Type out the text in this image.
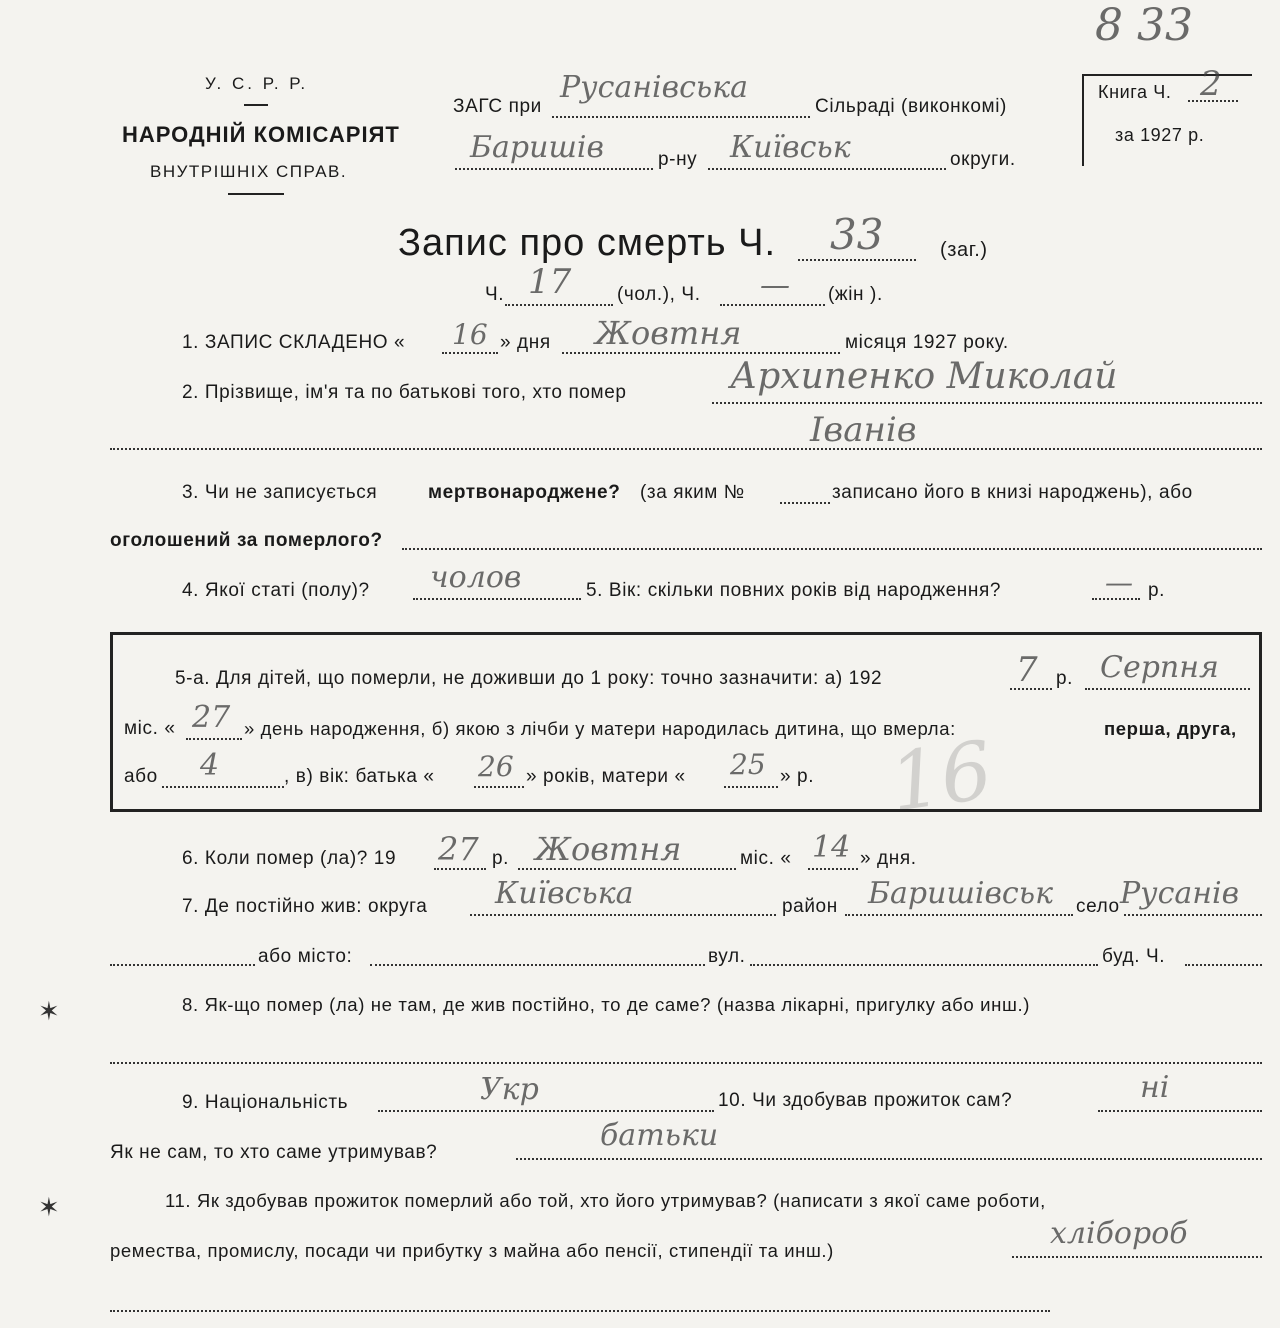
У. С. Р. Р.
НАРОДНІЙ КОМІСАРІЯТ
ВНУТРІШНІХ СПРАВ.
ЗАГС при
Русанівська
Сільраді (виконкомі)
Баришів	р-ну Київськ	округи.
8 33
Книга Ч. 2
за 1927 р.
Запис про смерть Ч. 33	(заг.)
Ч. 17 (чол.), Ч. — (жін ).
1. ЗАПИС СКЛАДЕНО « 16 » дня Жовтня	місяця 1927 року.
2. Прізвище, ім'я та по батькові того, хто помер	Архипенко Миколай
Іванів
3. Чи не записується	мертвонароджене? (за яким №	записано його в книзі народжень), або
оголошений за померлого?
4. Якої статі (полу)? чолов	5. Вік: скільки повних років від народження?	— р.
5-а. Для дітей, що померли, не доживши до 1 року: точно зазначити: а) 192	7 р. Серпня
міс. « 27 » день народження, б) якою з лічби у матери народилась дитина, що вмерла:	перша, друга,
або 4	, в) вік: батька « 26 » років, матери « 25 » р. 16
6. Коли помер (ла)? 19 27 р. Жовтня	міс. « 14 » дня.
7. Де постійно жив: округа Київська	район Баришівськ село Русанів
або місто:	вул.	буд. Ч.
8. Як-що помер (ла) не там, де жив постійно, то де саме? (назва лікарні, пригулку або инш.)
9. Національність	Укр	10. Чи здобував прожиток сам?	ні
Як не сам, то хто саме утримував?	батьки
11. Як здобував прожиток померлий або той, хто його утримував? (написати з якої саме роботи,
ремества, промислу, посади чи прибутку з майна або пенсії, стипендії та инш.)	хлібороб
✶
✶
